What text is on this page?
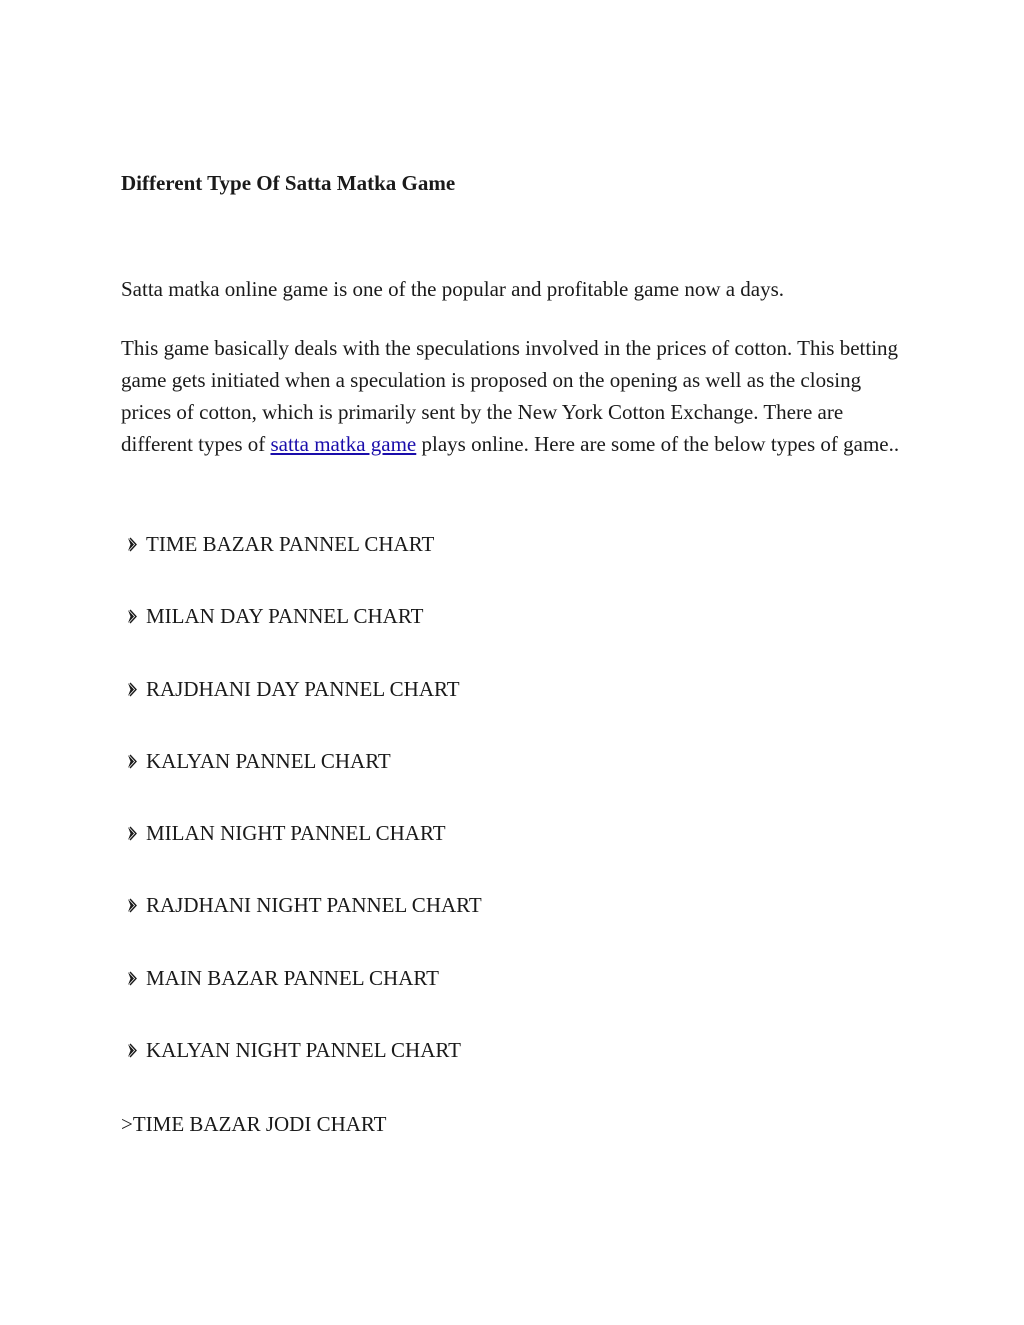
Different Type Of Satta Matka Game

Satta matka online game is one of the popular and profitable game now a days.

This game basically deals with the speculations involved in the prices of cotton. This betting game gets initiated when a speculation is proposed on the opening as well as the closing prices of cotton, which is primarily sent by the New York Cotton Exchange. There are different types of satta matka game plays online. Here are some of the below types of game..

TIME BAZAR PANNEL CHART
MILAN DAY PANNEL CHART
RAJDHANI DAY PANNEL CHART
KALYAN PANNEL CHART
MILAN NIGHT PANNEL CHART
RAJDHANI NIGHT PANNEL CHART
MAIN BAZAR PANNEL CHART
KALYAN NIGHT PANNEL CHART

>TIME BAZAR JODI CHART
